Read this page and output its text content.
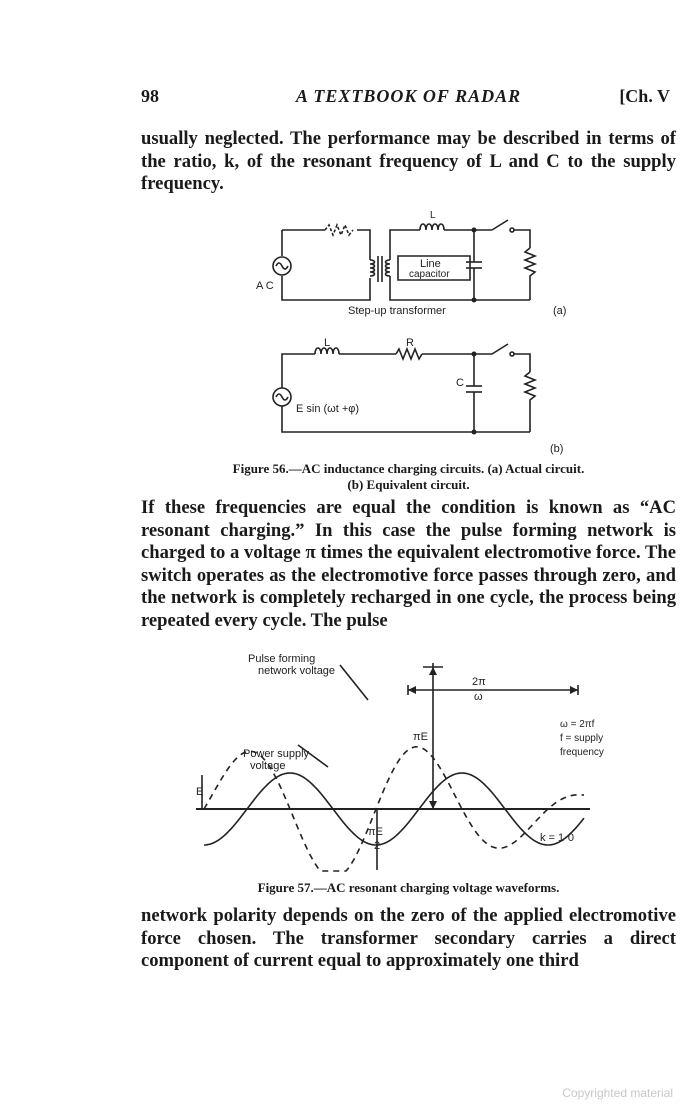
98	A TEXTBOOK OF RADAR	[Ch. V

usually neglected. The performance may be described in terms of the ratio, k, of the resonant frequency of L and C to the supply frequency.

A C
L
Line
capacitor
Step-up transformer	(a)
L	R
C
E sin (ωt +φ)
(b)
Figure 56.—AC inductance charging circuits. (a) Actual circuit.
(b) Equivalent circuit.

If these frequencies are equal the condition is known as “AC resonant charging.” In this case the pulse forming network is charged to a voltage π times the equivalent electromotive force. The switch operates as the electromotive force passes through zero, and the network is completely recharged in one cycle, the process being repeated every cycle. The pulse

Pulse forming
network voltage
Power supply
voltage
2π
ω
πE
ω = 2πf
f = supply
frequency
E
πE
2
k = 1·0
Figure 57.—AC resonant charging voltage waveforms.

network polarity depends on the zero of the applied electromotive force chosen. The transformer secondary carries a direct component of current equal to approximately one third

Copyrighted material
